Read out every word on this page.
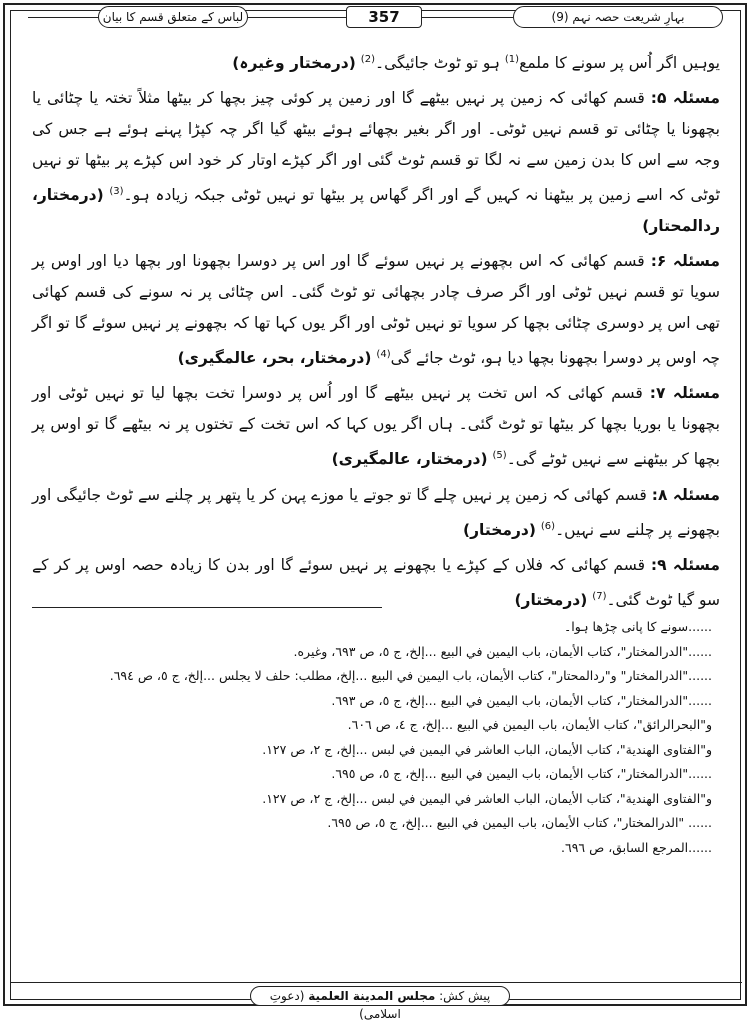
لباس کے متعلق قسم کا بیان	357	بہارِ شریعت حصہ نہم (9)

یوہیں اگر اُس پر سونے کا ملمع$^{(1)}$ ہو تو ٹوٹ جائیگی۔$^{(2)}$ (درمختار وغیرہ)

مسئلہ ۵: قسم کھائی کہ زمین پر نہیں بیٹھے گا اور زمین پر کوئی چیز بچھا کر بیٹھا مثلاً تختہ یا چٹائی یا بچھونا یا چٹائی تو قسم نہیں ٹوٹی۔ اور اگر بغیر بچھائے ہوئے بیٹھ گیا اگر چہ کپڑا پہنے ہوئے ہے جس کی وجہ سے اس کا بدن زمین سے نہ لگا تو قسم ٹوٹ گئی اور اگر کپڑے اوتار کر خود اس کپڑے پر بیٹھا تو نہیں ٹوٹی کہ اسے زمین پر بیٹھنا نہ کہیں گے اور اگر گھاس پر بیٹھا تو نہیں ٹوٹی جبکہ زیادہ ہو۔$^{(3)}$ (درمختار، ردالمحتار)

مسئلہ ۶: قسم کھائی کہ اس بچھونے پر نہیں سوئے گا اور اس پر دوسرا بچھونا اور بچھا دیا اور اوس پر سویا تو قسم نہیں ٹوٹی اور اگر صرف چادر بچھائی تو ٹوٹ گئی۔ اس چٹائی پر نہ سونے کی قسم کھائی تھی اس پر دوسری چٹائی بچھا کر سویا تو نہیں ٹوٹی اور اگر یوں کہا تھا کہ بچھونے پر نہیں سوئے گا تو اگر چہ اوس پر دوسرا بچھونا بچھا دیا ہو، ٹوٹ جائے گی$^{(4)}$ (درمختار، بحر، عالمگیری)

مسئلہ ۷: قسم کھائی کہ اس تخت پر نہیں بیٹھے گا اور اُس پر دوسرا تخت بچھا لیا تو نہیں ٹوٹی اور بچھونا یا بوریا بچھا کر بیٹھا تو ٹوٹ گئی۔ ہاں اگر یوں کہا کہ اس تخت کے تختوں پر نہ بیٹھے گا تو اوس پر بچھا کر بیٹھنے سے نہیں ٹوٹے گی۔$^{(5)}$ (درمختار، عالمگیری)

مسئلہ ۸: قسم کھائی کہ زمین پر نہیں چلے گا تو جوتے یا موزے پہن کر یا پتھر پر چلنے سے ٹوٹ جائیگی اور بچھونے پر چلنے سے نہیں۔$^{(6)}$ (درمختار)

مسئلہ ۹: قسم کھائی کہ فلاں کے کپڑے یا بچھونے پر نہیں سوئے گا اور بدن کا زیادہ حصہ اوس پر کر کے سو گیا ٹوٹ گئی۔$^{(7)}$ (درمختار)

......سونے کا پانی چڑھا ہوا۔
......"الدرالمختار"، كتاب الأيمان، باب اليمين في البيع ...إلخ، ج ٥، ص ٦٩٣، وغيره.
......"الدرالمختار" و"ردالمحتار"، كتاب الأيمان، باب اليمين في البيع ...إلخ، مطلب: حلف لا يجلس ...إلخ، ج ٥، ص ٦٩٤.
......"الدرالمختار"، كتاب الأيمان، باب اليمين في البيع ...إلخ، ج ٥، ص ٦٩٣.
و"البحرالرائق"، كتاب الأيمان، باب اليمين في البيع ...إلخ، ج ٤، ص ٦٠٦.
و"الفتاوى الهندية"، كتاب الأيمان، الباب العاشر في اليمين في لبس ...إلخ، ج ٢، ص ١٢٧.
......"الدرالمختار"، كتاب الأيمان، باب اليمين في البيع ...إلخ، ج ٥، ص ٦٩٥.
و"الفتاوى الهندية"، كتاب الأيمان، الباب العاشر في اليمين في لبس ...إلخ، ج ٢، ص ١٢٧.
...... "الدرالمختار"، كتاب الأيمان، باب اليمين في البيع ...إلخ، ج ٥، ص ٦٩٥.
......المرجع السابق، ص ٦٩٦.
پیش کش: مجلس المدينة العلمية (دعوتِ اسلامی)
